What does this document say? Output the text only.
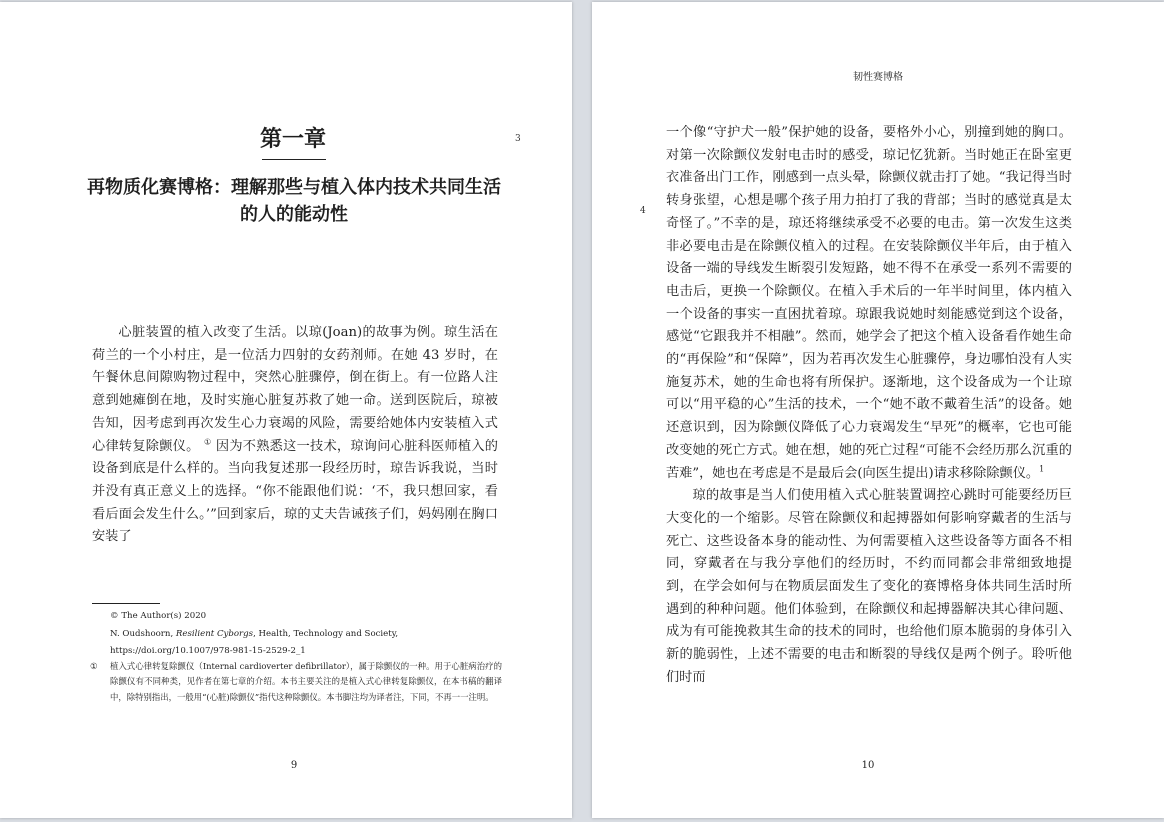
第一章
再物质化赛博格：理解那些与植入体内技术共同生活的人的能动性
3

心脏装置的植入改变了生活。以琼(Joan)的故事为例。琼生活在荷兰的一个小村庄，是一位活力四射的女药剂师。在她 43 岁时，在午餐休息间隙购物过程中，突然心脏骤停，倒在街上。有一位路人注意到她瘫倒在地，及时实施心脏复苏救了她一命。送到医院后，琼被告知，因考虑到再次发生心力衰竭的风险，需要给她体内安装植入式心律转复除颤仪。 ① 因为不熟悉这一技术，琼询问心脏科医师植入的设备到底是什么样的。当向我复述那一段经历时，琼告诉我说，当时并没有真正意义上的选择。“你不能跟他们说：‘不，我只想回家，看看后面会发生什么。’”回到家后，琼的丈夫告诫孩子们，妈妈刚在胸口安装了

© The Author(s) 2020
N. Oudshoorn, Resilient Cyborgs, Health, Technology and Society,
https://doi.org/10.1007/978-981-15-2529-2_1
① 植入式心律转复除颤仪（Internal cardioverter defibrillator），属于除颤仪的一种。用于心脏病治疗的除颤仪有不同种类，见作者在第七章的介绍。本书主要关注的是植入式心律转复除颤仪，在本书稿的翻译中，除特别指出，一般用“(心脏)除颤仪”指代这种除颤仪。本书脚注均为译者注，下同，不再一一注明。
9
韧性赛博格
4

一个像“守护犬一般”保护她的设备，要格外小心，别撞到她的胸口。对第一次除颤仪发射电击时的感受，琼记忆犹新。当时她正在卧室更衣准备出门工作，刚感到一点头晕，除颤仪就击打了她。“我记得当时转身张望，心想是哪个孩子用力拍打了我的背部；当时的感觉真是太奇怪了。”不幸的是，琼还将继续承受不必要的电击。第一次发生这类非必要电击是在除颤仪植入的过程。在安装除颤仪半年后，由于植入设备一端的导线发生断裂引发短路，她不得不在承受一系列不需要的电击后，更换一个除颤仪。在植入手术后的一年半时间里，体内植入一个设备的事实一直困扰着琼。琼跟我说她时刻能感觉到这个设备，感觉“它跟我并不相融”。然而，她学会了把这个植入设备看作她生命的“再保险”和“保障”，因为若再次发生心脏骤停，身边哪怕没有人实施复苏术，她的生命也将有所保护。逐渐地，这个设备成为一个让琼可以“用平稳的心”生活的技术，一个“她不敢不戴着生活”的设备。她还意识到，因为除颤仪降低了心力衰竭发生“早死”的概率，它也可能改变她的死亡方式。她在想，她的死亡过程“可能不会经历那么沉重的苦难”，她也在考虑是不是最后会(向医生提出)请求移除除颤仪。$^1$

琼的故事是当人们使用植入式心脏装置调控心跳时可能要经历巨大变化的一个缩影。尽管在除颤仪和起搏器如何影响穿戴者的生活与死亡、这些设备本身的能动性、为何需要植入这些设备等方面各不相同，穿戴者在与我分享他们的经历时，不约而同都会非常细致地提到，在学会如何与在物质层面发生了变化的赛博格身体共同生活时所遇到的种种问题。他们体验到，在除颤仪和起搏器解决其心律问题、成为有可能挽救其生命的技术的同时，也给他们原本脆弱的身体引入新的脆弱性，上述不需要的电击和断裂的导线仅是两个例子。聆听他们时而

10
